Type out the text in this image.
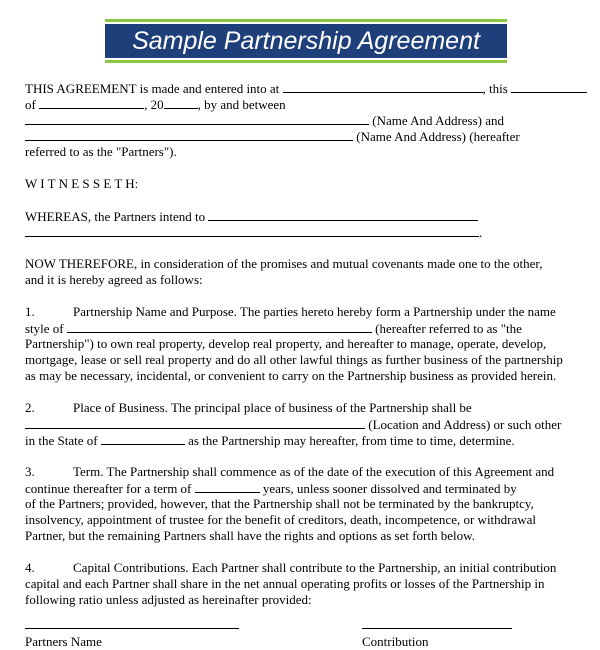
Sample Partnership Agreement
THIS AGREEMENT is made and entered into at	, this
of	, 20	, by and between
(Name And Address) and
(Name And Address) (hereafter
referred to as the "Partners").
W I T N E S S E T H:
WHEREAS, the Partners intend to
.
NOW THEREFORE, in consideration of the promises and mutual covenants made one to the other,
and it is hereby agreed as follows:
1.	Partnership Name and Purpose. The parties hereto hereby form a Partnership under the name
style of	(hereafter referred to as "the
Partnership") to own real property, develop real property, and hereafter to manage, operate, develop,
mortgage, lease or sell real property and do all other lawful things as further business of the partnership
as may be necessary, incidental, or convenient to carry on the Partnership business as provided herein.
2.	Place of Business. The principal place of business of the Partnership shall be
(Location and Address) or such other
in the State of	as the Partnership may hereafter, from time to time, determine.
3.	Term. The Partnership shall commence as of the date of the execution of this Agreement and
continue thereafter for a term of	years, unless sooner dissolved and terminated by
of the Partners; provided, however, that the Partnership shall not be terminated by the bankruptcy,
insolvency, appointment of trustee for the benefit of creditors, death, incompetence, or withdrawal
Partner, but the remaining Partners shall have the rights and options as set forth below.
4.	Capital Contributions. Each Partner shall contribute to the Partnership, an initial contribution
capital and each Partner shall share in the net annual operating profits or losses of the Partnership in
following ratio unless adjusted as hereinafter provided:
Partners Name	Contribution
